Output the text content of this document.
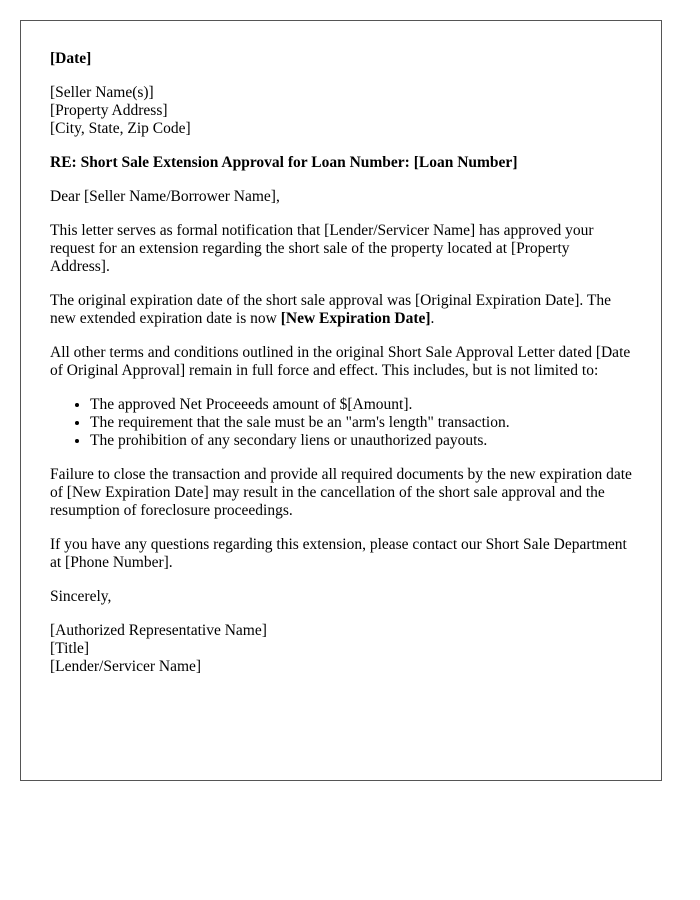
[Date]

[Seller Name(s)]
[Property Address]
[City, State, Zip Code]

RE: Short Sale Extension Approval for Loan Number: [Loan Number]

Dear [Seller Name/Borrower Name],

This letter serves as formal notification that [Lender/Servicer Name] has approved your request for an extension regarding the short sale of the property located at [Property Address].

The original expiration date of the short sale approval was [Original Expiration Date]. The new extended expiration date is now [New Expiration Date].

All other terms and conditions outlined in the original Short Sale Approval Letter dated [Date of Original Approval] remain in full force and effect. This includes, but is not limited to:

• The approved Net Proceeeds amount of $[Amount].
• The requirement that the sale must be an "arm's length" transaction.
• The prohibition of any secondary liens or unauthorized payouts.

Failure to close the transaction and provide all required documents by the new expiration date of [New Expiration Date] may result in the cancellation of the short sale approval and the resumption of foreclosure proceedings.

If you have any questions regarding this extension, please contact our Short Sale Department at [Phone Number].

Sincerely,

[Authorized Representative Name]
[Title]
[Lender/Servicer Name]
